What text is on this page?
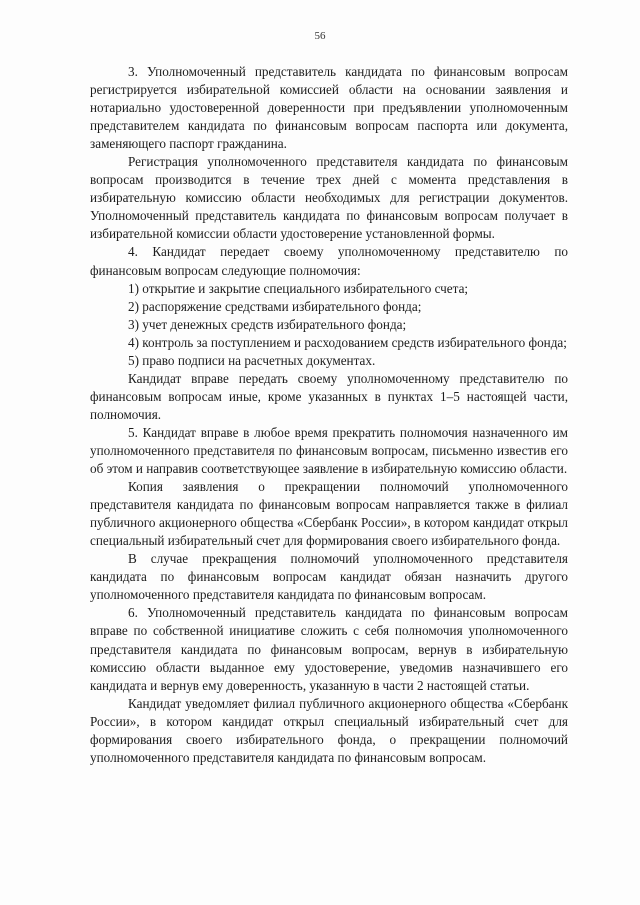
56

3. Уполномоченный представитель кандидата по финансовым вопросам регистрируется избирательной комиссией области на основании заявления и нотариально удостоверенной доверенности при предъявлении уполномоченным представителем кандидата по финансовым вопросам паспорта или документа, заменяющего паспорт гражданина.

Регистрация уполномоченного представителя кандидата по финансовым вопросам производится в течение трех дней с момента представления в избирательную комиссию области необходимых для регистрации документов. Уполномоченный представитель кандидата по финансовым вопросам получает в избирательной комиссии области удостоверение установленной формы.

4. Кандидат передает своему уполномоченному представителю по финансовым вопросам следующие полномочия:

1) открытие и закрытие специального избирательного счета;

2) распоряжение средствами избирательного фонда;

3) учет денежных средств избирательного фонда;

4) контроль за поступлением и расходованием средств избирательного фонда;

5) право подписи на расчетных документах.

Кандидат вправе передать своему уполномоченному представителю по финансовым вопросам иные, кроме указанных в пунктах 1–5 настоящей части, полномочия.

5. Кандидат вправе в любое время прекратить полномочия назначенного им уполномоченного представителя по финансовым вопросам, письменно известив его об этом и направив соответствующее заявление в избирательную комиссию области.

Копия заявления о прекращении полномочий уполномоченного представителя кандидата по финансовым вопросам направляется также в филиал публичного акционерного общества «Сбербанк России», в котором кандидат открыл специальный избирательный счет для формирования своего избирательного фонда.

В случае прекращения полномочий уполномоченного представителя кандидата по финансовым вопросам кандидат обязан назначить другого уполномоченного представителя кандидата по финансовым вопросам.

6. Уполномоченный представитель кандидата по финансовым вопросам вправе по собственной инициативе сложить с себя полномочия уполномоченного представителя кандидата по финансовым вопросам, вернув в избирательную комиссию области выданное ему удостоверение, уведомив назначившего его кандидата и вернув ему доверенность, указанную в части 2 настоящей статьи.

Кандидат уведомляет филиал публичного акционерного общества «Сбербанк России», в котором кандидат открыл специальный избирательный счет для формирования своего избирательного фонда, о прекращении полномочий уполномоченного представителя кандидата по финансовым вопросам.
